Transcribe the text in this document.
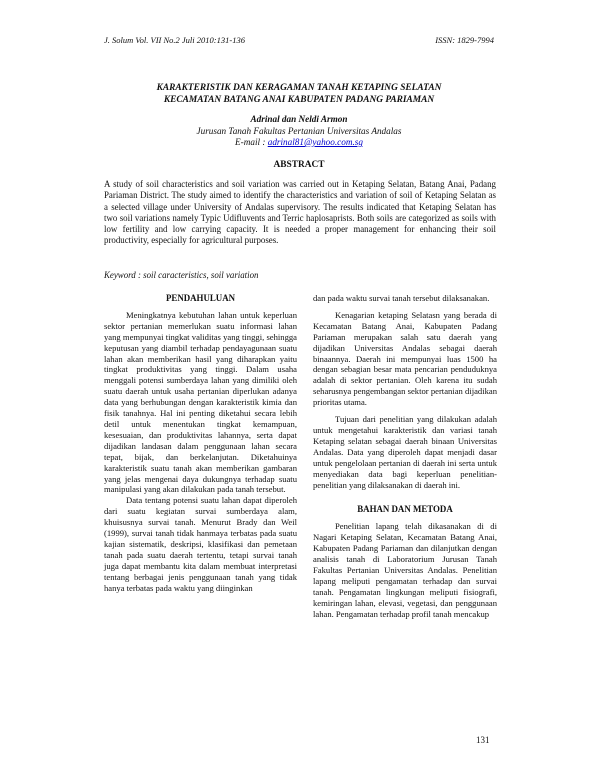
J. Solum Vol. VII No.2 Juli 2010:131-136	ISSN: 1829-7994
KARAKTERISTIK DAN KERAGAMAN TANAH KETAPING SELATAN
KECAMATAN BATANG ANAI KABUPATEN PADANG PARIAMAN
Adrinal dan Neldi Armon
Jurusan Tanah Fakultas Pertanian Universitas Andalas
E-mail : adrinal81@yahoo.com.sg
ABSTRACT
A study of soil characteristics and soil variation was carried out in Ketaping Selatan, Batang Anai, Padang Pariaman District. The study aimed to identify the characteristics and variation of soil of Ketaping Selatan as a selected village under University of Andalas supervisory. The results indicated that Ketaping Selatan has two soil variations namely Typic Udifluvents and Terric haplosaprists. Both soils are categorized as soils with low fertility and low carrying capacity. It is needed a proper management for enhancing their soil productivity, especially for agricultural purposes.
Keyword : soil caracteristics, soil variation
PENDAHULUAN

Meningkatnya kebutuhan lahan untuk keperluan sektor pertanian memerlukan suatu informasi lahan yang mempunyai tingkat validitas yang tinggi, sehingga keputusan yang diambil terhadap pendayagunaan suatu lahan akan memberikan hasil yang diharapkan yaitu tingkat produktivitas yang tinggi. Dalam usaha menggali potensi sumberdaya lahan yang dimiliki oleh suatu daerah untuk usaha pertanian diperlukan adanya data yang berhubungan dengan karakteristik kimia dan fisik tanahnya. Hal ini penting diketahui secara lebih detil untuk menentukan tingkat kemampuan, kesesuaian, dan produktivitas lahannya, serta dapat dijadikan landasan dalam penggunaan lahan secara tepat, bijak, dan berkelanjutan. Diketahuinya karakteristik suatu tanah akan memberikan gambaran yang jelas mengenai daya dukungnya terhadap suatu manipulasi yang akan dilakukan pada tanah tersebut.

Data tentang potensi suatu lahan dapat diperoleh dari suatu kegiatan survai sumberdaya alam, khuisusnya survai tanah. Menurut Brady dan Weil (1999), survai tanah tidak hanmaya terbatas pada suatu kajian sistematik, deskripsi, klasifikasi dan pemetaan tanah pada suatu daerah tertentu, tetapi survai tanah juga dapat membantu kita dalam membuat interpretasi tentang berbagai jenis penggunaan tanah yang tidak hanya terbatas pada waktu yang diinginkan

dan pada waktu survai tanah tersebut dilaksanakan.

Kenagarian ketaping Selatasn yang berada di Kecamatan Batang Anai, Kabupaten Padang Pariaman merupakan salah satu daerah yang dijadikan Universitas Andalas sebagai daerah binaannya. Daerah ini mempunyai luas 1500 ha dengan sebagian besar mata pencarian penduduknya adalah di sektor pertanian. Oleh karena itu sudah seharusnya pengembangan sektor pertanian dijadikan prioritas utama.

Tujuan dari penelitian yang dilakukan adalah untuk mengetahui karakteristik dan variasi tanah Ketaping selatan sebagai daerah binaan Universitas Andalas. Data yang diperoleh dapat menjadi dasar untuk pengelolaan pertanian di daerah ini serta untuk menyediakan data bagi keperluan penelitian-penelitian yang dilaksanakan di daerah ini.

BAHAN DAN METODA

Penelitian lapang telah dikasanakan di di Nagari Ketaping Selatan, Kecamatan Batang Anai, Kabupaten Padang Pariaman dan dilanjutkan dengan analisis tanah di Laboratorium Jurusan Tanah Fakultas Pertanian Universitas Andalas. Penelitian lapang meliputi pengamatan terhadap dan survai tanah. Pengamatan lingkungan meliputi fisiografi, kemiringan lahan, elevasi, vegetasi, dan penggunaan lahan. Pengamatan terhadap profil tanah mencakup

131
